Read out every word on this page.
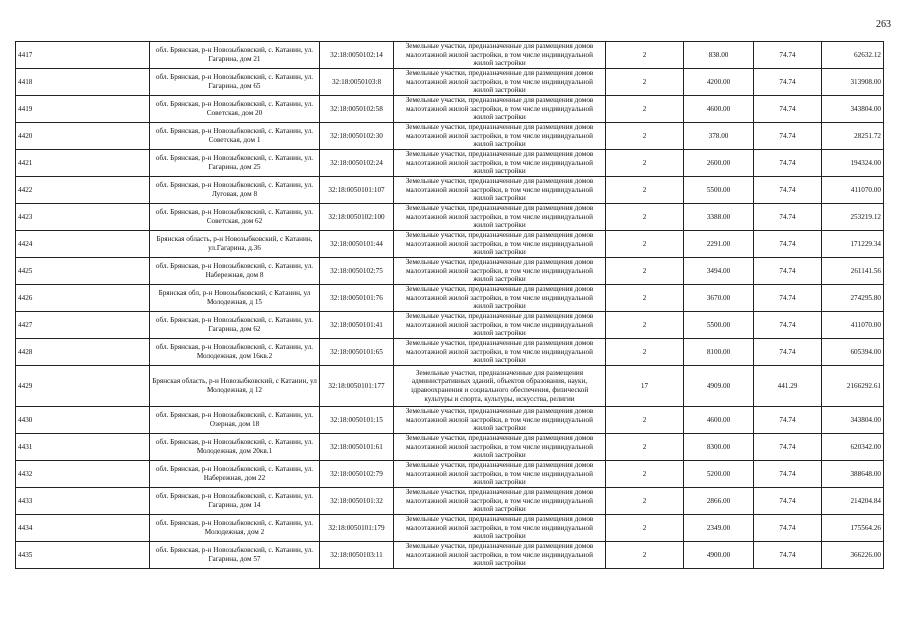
263
4417	обл. Брянская, р-н Новозыбковский, с. Катанин, ул. Гагарина, дом 21	32:18:0050102:14	Земельные участки, предназначенные для размещения домов малоэтажной жилой застройки, в том числе индивидуальной жилой застройки	2	838.00	74.74	62632.12
4418	обл. Брянская, р-н Новозыбковский, с. Катанин, ул. Гагарина, дом 65	32:18:0050103:8	Земельные участки, предназначенные для размещения домов малоэтажной жилой застройки, в том числе индивидуальной жилой застройки	2	4200.00	74.74	313908.00
4419	обл. Брянская, р-н Новозыбковский, с. Катанин, ул. Советская, дом 20	32:18:0050102:58	Земельные участки, предназначенные для размещения домов малоэтажной жилой застройки, в том числе индивидуальной жилой застройки	2	4600.00	74.74	343804.00
4420	обл. Брянская, р-н Новозыбковский, с. Катанин, ул. Советская, дом 1	32:18:0050102:30	Земельные участки, предназначенные для размещения домов малоэтажной жилой застройки, в том числе индивидуальной жилой застройки	2	378.00	74.74	28251.72
4421	обл. Брянская, р-н Новозыбковский, с. Катанин, ул. Гагарина, дом 25	32:18:0050102:24	Земельные участки, предназначенные для размещения домов малоэтажной жилой застройки, в том числе индивидуальной жилой застройки	2	2600.00	74.74	194324.00
4422	обл. Брянская, р-н Новозыбковский, с. Катанин, ул. Луговая, дом 8	32:18:0050101:107	Земельные участки, предназначенные для размещения домов малоэтажной жилой застройки, в том числе индивидуальной жилой застройки	2	5500.00	74.74	411070.00
4423	обл. Брянская, р-н Новозыбковский, с. Катанин, ул. Советская, дом 62	32:18:0050102:100	Земельные участки, предназначенные для размещения домов малоэтажной жилой застройки, в том числе индивидуальной жилой застройки	2	3388.00	74.74	253219.12
4424	Брянская область, р-н Новозыбковский, с Катанин, ул.Гагарина, д.36	32:18:0050101:44	Земельные участки, предназначенные для размещения домов малоэтажной жилой застройки, в том числе индивидуальной жилой застройки	2	2291.00	74.74	171229.34
4425	обл. Брянская, р-н Новозыбковский, с. Катанин, ул. Набережная, дом 8	32:18:0050102:75	Земельные участки, предназначенные для размещения домов малоэтажной жилой застройки, в том числе индивидуальной жилой застройки	2	3494.00	74.74	261141.56
4426	Брянская обл, р-н Новозыбковский, с Катанин, ул Молодежная, д 15	32:18:0050101:76	Земельные участки, предназначенные для размещения домов малоэтажной жилой застройки, в том числе индивидуальной жилой застройки	2	3670.00	74.74	274295.80
4427	обл. Брянская, р-н Новозыбковский, с. Катанин, ул. Гагарина, дом 62	32:18:0050101:41	Земельные участки, предназначенные для размещения домов малоэтажной жилой застройки, в том числе индивидуальной жилой застройки	2	5500.00	74.74	411070.00
4428	обл. Брянская, р-н Новозыбковский, с. Катанин, ул. Молодежная, дом 16кв.2	32:18:0050101:65	Земельные участки, предназначенные для размещения домов малоэтажной жилой застройки, в том числе индивидуальной жилой застройки	2	8100.00	74.74	605394.00
4429	Брянская область, р-н Новозыбковский, с Катанин, ул Молодежная, д 12	32:18:0050101:177	Земельные участки, предназначенные для размещения административных зданий, объектов образования, науки, здравоохранения и социального обеспечения, физической культуры и спорта, культуры, искусства, религии	17	4909.00	441.29	2166292.61
4430	обл. Брянская, р-н Новозыбковский, с. Катанин, ул. Озерная, дом 18	32:18:0050101:15	Земельные участки, предназначенные для размещения домов малоэтажной жилой застройки, в том числе индивидуальной жилой застройки	2	4600.00	74.74	343804.00
4431	обл. Брянская, р-н Новозыбковский, с. Катанин, ул. Молодежная, дом 20кв.1	32:18:0050101:61	Земельные участки, предназначенные для размещения домов малоэтажной жилой застройки, в том числе индивидуальной жилой застройки	2	8300.00	74.74	620342.00
4432	обл. Брянская, р-н Новозыбковский, с. Катанин, ул. Набережная, дом 22	32:18:0050102:79	Земельные участки, предназначенные для размещения домов малоэтажной жилой застройки, в том числе индивидуальной жилой застройки	2	5200.00	74.74	388648.00
4433	обл. Брянская, р-н Новозыбковский, с. Катанин, ул. Гагарина, дом 14	32:18:0050101:32	Земельные участки, предназначенные для размещения домов малоэтажной жилой застройки, в том числе индивидуальной жилой застройки	2	2866.00	74.74	214204.84
4434	обл. Брянская, р-н Новозыбковский, с. Катанин, ул. Молодежная, дом 2	32:18:0050101:179	Земельные участки, предназначенные для размещения домов малоэтажной жилой застройки, в том числе индивидуальной жилой застройки	2	2349.00	74.74	175564.26
4435	обл. Брянская, р-н Новозыбковский, с. Катанин, ул. Гагарина, дом 57	32:18:0050103:11	Земельные участки, предназначенные для размещения домов малоэтажной жилой застройки, в том числе индивидуальной жилой застройки	2	4900.00	74.74	366226.00
